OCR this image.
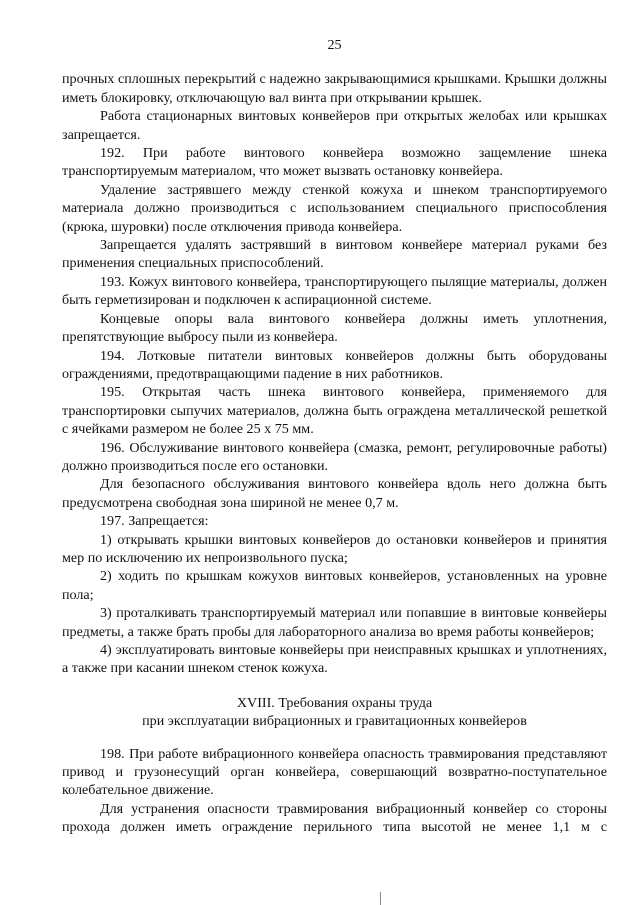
25

прочных сплошных перекрытий с надежно закрывающимися крышками. Крышки должны иметь блокировку, отключающую вал винта при открывании крышек.

Работа стационарных винтовых конвейеров при открытых желобах или крышках запрещается.

192. При работе винтового конвейера возможно защемление шнека транспортируемым материалом, что может вызвать остановку конвейера.

Удаление застрявшего между стенкой кожуха и шнеком транспортируемого материала должно производиться с использованием специального приспособления (крюка, шуровки) после отключения привода конвейера.

Запрещается удалять застрявший в винтовом конвейере материал руками без применения специальных приспособлений.

193. Кожух винтового конвейера, транспортирующего пылящие материалы, должен быть герметизирован и подключен к аспирационной системе.

Концевые опоры вала винтового конвейера должны иметь уплотнения, препятствующие выбросу пыли из конвейера.

194. Лотковые питатели винтовых конвейеров должны быть оборудованы ограждениями, предотвращающими падение в них работников.

195. Открытая часть шнека винтового конвейера, применяемого для транспортировки сыпучих материалов, должна быть ограждена металлической решеткой с ячейками размером не более 25 х 75 мм.

196. Обслуживание винтового конвейера (смазка, ремонт, регулировочные работы) должно производиться после его остановки.

Для безопасного обслуживания винтового конвейера вдоль него должна быть предусмотрена свободная зона шириной не менее 0,7 м.

197. Запрещается:

1) открывать крышки винтовых конвейеров до остановки конвейеров и принятия мер по исключению их непроизвольного пуска;

2) ходить по крышкам кожухов винтовых конвейеров, установленных на уровне пола;

3) проталкивать транспортируемый материал или попавшие в винтовые конвейеры предметы, а также брать пробы для лабораторного анализа во время работы конвейеров;

4) эксплуатировать винтовые конвейеры при неисправных крышках и уплотнениях, а также при касании шнеком стенок кожуха.

XVIII. Требования охраны труда
при эксплуатации вибрационных и гравитационных конвейеров

198. При работе вибрационного конвейера опасность травмирования представляют привод и грузонесущий орган конвейера, совершающий возвратно-поступательное колебательное движение.

Для устранения опасности травмирования вибрационный конвейер со стороны прохода должен иметь ограждение перильного типа высотой не менее 1,1 м с
